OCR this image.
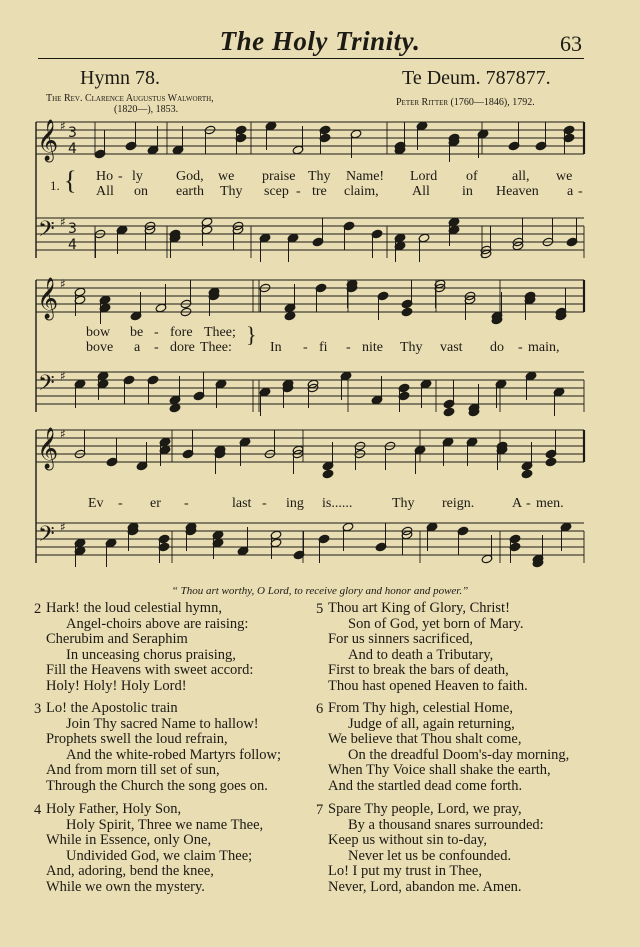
The Holy Trinity.	63
Hymn 78.	Te Deum. 787877.
The Rev. Clarence Augustus Walworth,
(1820—), 1853.
Peter Ritter (1760—1846), 1792.
𝄞 ♯
𝄢 ♯
𝄞 ♯
𝄢 ♯
𝄞 ♯
𝄢 ♯
3
4
3
4
1. { Ho - ly God, we praise Thy Name! Lord of all, we
All on earth Thy scep - tre claim, All in Heaven a -
bow be - fore Thee;
bove a - dore Thee:
}
In - fi - nite Thy vast do - main,
Ev - er -	last - ing is......	Thy reign.	A - men.
“ Thou art worthy, O Lord, to receive glory and honor and power.”
2 Hark! the loud celestial hymn,
Angel-choirs above are raising:
Cherubim and Seraphim
In unceasing chorus praising,
Fill the Heavens with sweet accord:
Holy! Holy! Holy Lord!
3 Lo! the Apostolic train
Join Thy sacred Name to hallow!
Prophets swell the loud refrain,
And the white-robed Martyrs follow;
And from morn till set of sun,
Through the Church the song goes on.
4 Holy Father, Holy Son,
Holy Spirit, Three we name Thee,
While in Essence, only One,
Undivided God, we claim Thee;
And, adoring, bend the knee,
While we own the mystery.
5 Thou art King of Glory, Christ!
Son of God, yet born of Mary.
For us sinners sacrificed,
And to death a Tributary,
First to break the bars of death,
Thou hast opened Heaven to faith.
6 From Thy high, celestial Home,
Judge of all, again returning,
We believe that Thou shalt come,
On the dreadful Doom's-day morning,
When Thy Voice shall shake the earth,
And the startled dead come forth.
7 Spare Thy people, Lord, we pray,
By a thousand snares surrounded:
Keep us without sin to-day,
Never let us be confounded.
Lo! I put my trust in Thee,
Never, Lord, abandon me. Amen.
